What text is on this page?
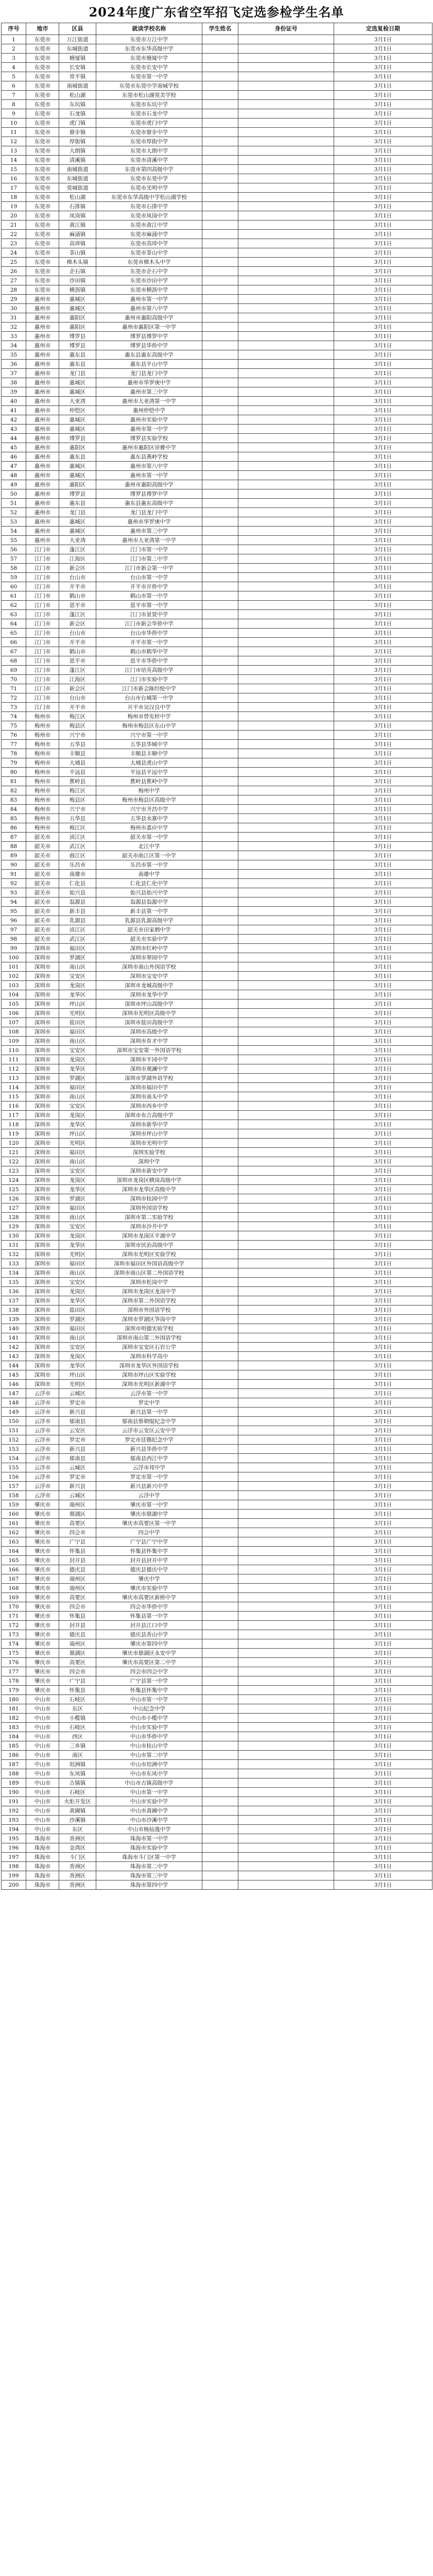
2024年度广东省空军招飞定选参检学生名单
序号	地市	区县	就读学校名称	学生姓名	身份证号	定选复检日期
1	东莞市	万江街道	东莞市万江中学			3月1日
2	东莞市	东城街道	东莞市东华高级中学			3月1日
3	东莞市	塘厦镇	东莞市塘厦中学			3月1日
4	东莞市	长安镇	东莞市长安中学			3月1日
5	东莞市	常平镇	东莞市第一中学			3月1日
6	东莞市	南城街道	东莞市东莞中学南城学校			3月1日
7	东莞市	松山湖	东莞市松山湖莞美学校			3月1日
8	东莞市	东坑镇	东莞市东坑中学			3月1日
9	东莞市	石龙镇	东莞市石龙中学			3月1日
10	东莞市	虎门镇	东莞市虎门中学			3月1日
11	东莞市	寮步镇	东莞市寮步中学			3月1日
12	东莞市	厚街镇	东莞市厚街中学			3月1日
13	东莞市	大朗镇	东莞市大朗中学			3月1日
14	东莞市	清溪镇	东莞市清溪中学			3月1日
15	东莞市	南城街道	东莞市第四高级中学			3月1日
16	东莞市	东城街道	东莞市东莞中学			3月1日
17	东莞市	莞城街道	东莞市光明中学			3月1日
18	东莞市	松山湖	东莞市东华高级中学松山湖学校			3月1日
19	东莞市	石排镇	东莞市石排中学			3月1日
20	东莞市	凤岗镇	东莞市凤岗中学			3月1日
21	东莞市	黄江镇	东莞市黄江中学			3月1日
22	东莞市	麻涌镇	东莞市麻涌中学			3月1日
23	东莞市	高埗镇	东莞市高埗中学			3月1日
24	东莞市	茶山镇	东莞市茶山中学			3月1日
25	东莞市	樟木头镇	东莞市樟木头中学			3月1日
26	东莞市	企石镇	东莞市企石中学			3月1日
27	东莞市	沙田镇	东莞市沙田中学			3月1日
28	东莞市	横沥镇	东莞市横沥中学			3月1日
29	惠州市	惠城区	惠州市第一中学			3月1日
30	惠州市	惠城区	惠州市第八中学			3月1日
31	惠州市	惠阳区	惠州市惠阳高级中学			3月1日
32	惠州市	惠阳区	惠州市惠阳区第一中学			3月1日
33	惠州市	博罗县	博罗县博罗中学			3月1日
34	惠州市	博罗县	博罗县华侨中学			3月1日
35	惠州市	惠东县	惠东县惠东高级中学			3月1日
36	惠州市	惠东县	惠东县平山中学			3月1日
37	惠州市	龙门县	龙门县龙门中学			3月1日
38	惠州市	惠城区	惠州市华罗庚中学			3月1日
39	惠州市	惠城区	惠州市第三中学			3月1日
40	惠州市	大亚湾	惠州市大亚湾第一中学			3月1日
41	惠州市	仲恺区	惠州仲恺中学			3月1日
42	惠州市	惠城区	惠州市实验中学			3月1日
43	惠州市	惠城区	惠州市第一中学			3月1日
44	惠州市	博罗县	博罗县实验学校			3月1日
45	惠州市	惠阳区	惠州市惠阳区崇雅中学			3月1日
46	惠州市	惠东县	惠东县燕岭学校			3月1日
47	惠州市	惠城区	惠州市第八中学			3月1日
48	惠州市	惠城区	惠州市第一中学			3月1日
49	惠州市	惠阳区	惠州市惠阳高级中学			3月1日
50	惠州市	博罗县	博罗县博罗中学			3月1日
51	惠州市	惠东县	惠东县惠东高级中学			3月1日
52	惠州市	龙门县	龙门县龙门中学			3月1日
53	惠州市	惠城区	惠州市华罗庚中学			3月1日
54	惠州市	惠城区	惠州市第三中学			3月1日
55	惠州市	大亚湾	惠州市大亚湾第一中学			3月1日
56	江门市	蓬江区	江门市第一中学			3月1日
57	江门市	江海区	江门市第二中学			3月1日
58	江门市	新会区	江门市新会第一中学			3月1日
59	江门市	台山市	台山市第一中学			3月1日
60	江门市	开平市	开平市开侨中学			3月1日
61	江门市	鹤山市	鹤山市第一中学			3月1日
62	江门市	恩平市	恩平市第一中学			3月1日
63	江门市	蓬江区	江门市景贤中学			3月1日
64	江门市	新会区	江门市新会华侨中学			3月1日
65	江门市	台山市	台山市华侨中学			3月1日
66	江门市	开平市	开平市第一中学			3月1日
67	江门市	鹤山市	鹤山市鹤华中学			3月1日
68	江门市	恩平市	恩平市华侨中学			3月1日
69	江门市	蓬江区	江门市培英高级中学			3月1日
70	江门市	江海区	江门市实验中学			3月1日
71	江门市	新会区	江门市新会陈经纶中学			3月1日
72	江门市	台山市	台山市台城第一中学			3月1日
73	江门市	开平市	开平市吴汉良中学			3月1日
74	梅州市	梅江区	梅州市曾宪梓中学			3月1日
75	梅州市	梅县区	梅州市梅县区东山中学			3月1日
76	梅州市	兴宁市	兴宁市第一中学			3月1日
77	梅州市	五华县	五华县华城中学			3月1日
78	梅州市	丰顺县	丰顺县丰顺中学			3月1日
79	梅州市	大埔县	大埔县虎山中学			3月1日
80	梅州市	平远县	平远县平远中学			3月1日
81	梅州市	蕉岭县	蕉岭县蕉岭中学			3月1日
82	梅州市	梅江区	梅州中学			3月1日
83	梅州市	梅县区	梅州市梅县区高级中学			3月1日
84	梅州市	兴宁市	兴宁市齐昌中学			3月1日
85	梅州市	五华县	五华县水寨中学			3月1日
86	梅州市	梅江区	梅州市嘉应中学			3月1日
87	韶关市	浈江区	韶关市第一中学			3月1日
88	韶关市	武江区	北江中学			3月1日
89	韶关市	曲江区	韶关市曲江区第一中学			3月1日
90	韶关市	乐昌市	乐昌市第一中学			3月1日
91	韶关市	南雄市	南雄中学			3月1日
92	韶关市	仁化县	仁化县仁化中学			3月1日
93	韶关市	始兴县	始兴县始兴中学			3月1日
94	韶关市	翁源县	翁源县翁源中学			3月1日
95	韶关市	新丰县	新丰县第一中学			3月1日
96	韶关市	乳源县	乳源县乳源高级中学			3月1日
97	韶关市	浈江区	韶关市田家炳中学			3月1日
98	韶关市	武江区	韶关市实验中学			3月1日
99	深圳市	福田区	深圳市红岭中学			3月1日
100	深圳市	罗湖区	深圳市翠园中学			3月1日
101	深圳市	南山区	深圳市南山外国语学校			3月1日
102	深圳市	宝安区	深圳市宝安中学			3月1日
103	深圳市	龙岗区	深圳市龙城高级中学			3月1日
104	深圳市	龙华区	深圳市龙华中学			3月1日
105	深圳市	坪山区	深圳市坪山高级中学			3月1日
106	深圳市	光明区	深圳市光明区高级中学			3月1日
107	深圳市	盐田区	深圳市盐田高级中学			3月1日
108	深圳市	福田区	深圳市高级中学			3月1日
109	深圳市	南山区	深圳市育才中学			3月1日
110	深圳市	宝安区	深圳市宝安第一外国语学校			3月1日
111	深圳市	龙岗区	深圳市平冈中学			3月1日
112	深圳市	龙华区	深圳市观澜中学			3月1日
113	深圳市	罗湖区	深圳市罗湖外语学校			3月1日
114	深圳市	福田区	深圳市福田中学			3月1日
115	深圳市	南山区	深圳市南头中学			3月1日
116	深圳市	宝安区	深圳市西乡中学			3月1日
117	深圳市	龙岗区	深圳市布吉高级中学			3月1日
118	深圳市	龙华区	深圳市新华中学			3月1日
119	深圳市	坪山区	深圳市坪山中学			3月1日
120	深圳市	光明区	深圳市光明中学			3月1日
121	深圳市	福田区	深圳实验学校			3月1日
122	深圳市	南山区	深圳中学			3月1日
123	深圳市	宝安区	深圳市新安中学			3月1日
124	深圳市	龙岗区	深圳市龙岗区横岗高级中学			3月1日
125	深圳市	龙华区	深圳市龙华区高级中学			3月1日
126	深圳市	罗湖区	深圳市桂园中学			3月1日
127	深圳市	福田区	深圳外国语学校			3月1日
128	深圳市	南山区	深圳市第二实验学校			3月1日
129	深圳市	宝安区	深圳市沙井中学			3月1日
130	深圳市	龙岗区	深圳市龙岗区平湖中学			3月1日
131	深圳市	龙华区	深圳市民治高级中学			3月1日
132	深圳市	光明区	深圳市光明区实验学校			3月1日
133	深圳市	福田区	深圳市福田区外国语高级中学			3月1日
134	深圳市	南山区	深圳市南山区第二外国语学校			3月1日
135	深圳市	宝安区	深圳市松岗中学			3月1日
136	深圳市	龙岗区	深圳市龙岗区龙岗中学			3月1日
137	深圳市	龙华区	深圳市第二外国语学校			3月1日
138	深圳市	盐田区	深圳市外国语学校			3月1日
139	深圳市	罗湖区	深圳市罗湖区笋岗中学			3月1日
140	深圳市	福田区	深圳市明德实验学校			3月1日
141	深圳市	南山区	深圳市南山第二外国语学校			3月1日
142	深圳市	宝安区	深圳市宝安区石岩公学			3月1日
143	深圳市	龙岗区	深圳市科学高中			3月1日
144	深圳市	龙华区	深圳市龙华区外国语学校			3月1日
145	深圳市	坪山区	深圳市坪山区实验学校			3月1日
146	深圳市	光明区	深圳市光明区新湖中学			3月1日
147	云浮市	云城区	云浮市第一中学			3月1日
148	云浮市	罗定市	罗定中学			3月1日
149	云浮市	新兴县	新兴县第一中学			3月1日
150	云浮市	郁南县	郁南县蔡朝焜纪念中学			3月1日
151	云浮市	云安区	云浮市云安区云安中学			3月1日
152	云浮市	罗定市	罗定市廷锴纪念中学			3月1日
153	云浮市	新兴县	新兴县华侨中学			3月1日
154	云浮市	郁南县	郁南县西江中学			3月1日
155	云浮市	云城区	云浮市邦中学			3月1日
156	云浮市	罗定市	罗定市第一中学			3月1日
157	云浮市	新兴县	新兴县新兴中学			3月1日
158	云浮市	云城区	云浮中学			3月1日
159	肇庆市	端州区	肇庆市第一中学			3月1日
160	肇庆市	鼎湖区	肇庆市鼎湖中学			3月1日
161	肇庆市	高要区	肇庆市高要区第一中学			3月1日
162	肇庆市	四会市	四会中学			3月1日
163	肇庆市	广宁县	广宁县广宁中学			3月1日
164	肇庆市	怀集县	怀集县怀集中学			3月1日
165	肇庆市	封开县	封开县封开中学			3月1日
166	肇庆市	德庆县	德庆县德庆中学			3月1日
167	肇庆市	端州区	肇庆中学			3月1日
168	肇庆市	端州区	肇庆市实验中学			3月1日
169	肇庆市	高要区	肇庆市高要区新桥中学			3月1日
170	肇庆市	四会市	四会市华侨中学			3月1日
171	肇庆市	怀集县	怀集县第一中学			3月1日
172	肇庆市	封开县	封开县江口中学			3月1日
173	肇庆市	德庆县	德庆县香山中学			3月1日
174	肇庆市	端州区	肇庆市第四中学			3月1日
175	肇庆市	鼎湖区	肇庆市鼎湖区永安中学			3月1日
176	肇庆市	高要区	肇庆市高要区第二中学			3月1日
177	肇庆市	四会市	四会市四会中学			3月1日
178	肇庆市	广宁县	广宁县第一中学			3月1日
179	肇庆市	怀集县	怀集县怀集中学			3月1日
180	中山市	石岐区	中山市第一中学			3月1日
181	中山市	东区	中山纪念中学			3月1日
182	中山市	小榄镇	中山市小榄中学			3月1日
183	中山市	石岐区	中山市实验中学			3月1日
184	中山市	西区	中山市华侨中学			3月1日
185	中山市	三乡镇	中山市桂山中学			3月1日
186	中山市	南区	中山市第二中学			3月1日
187	中山市	坦洲镇	中山市坦洲中学			3月1日
188	中山市	东凤镇	中山市东凤中学			3月1日
189	中山市	古镇镇	中山市古镇高级中学			3月1日
190	中山市	石岐区	中山市第一中学			3月1日
191	中山市	火炬开发区	中山市实验中学			3月1日
192	中山市	黄圃镇	中山市黄圃中学			3月1日
193	中山市	沙溪镇	中山市沙溪中学			3月1日
194	中山市	东区	中山市杨仙逸中学			3月1日
195	珠海市	香洲区	珠海市第一中学			3月1日
196	珠海市	金湾区	珠海市实验中学			3月1日
197	珠海市	斗门区	珠海市斗门区第一中学			3月1日
198	珠海市	香洲区	珠海市第二中学			3月1日
199	珠海市	香洲区	珠海市第三中学			3月1日
200	珠海市	香洲区	珠海市第四中学			3月1日
